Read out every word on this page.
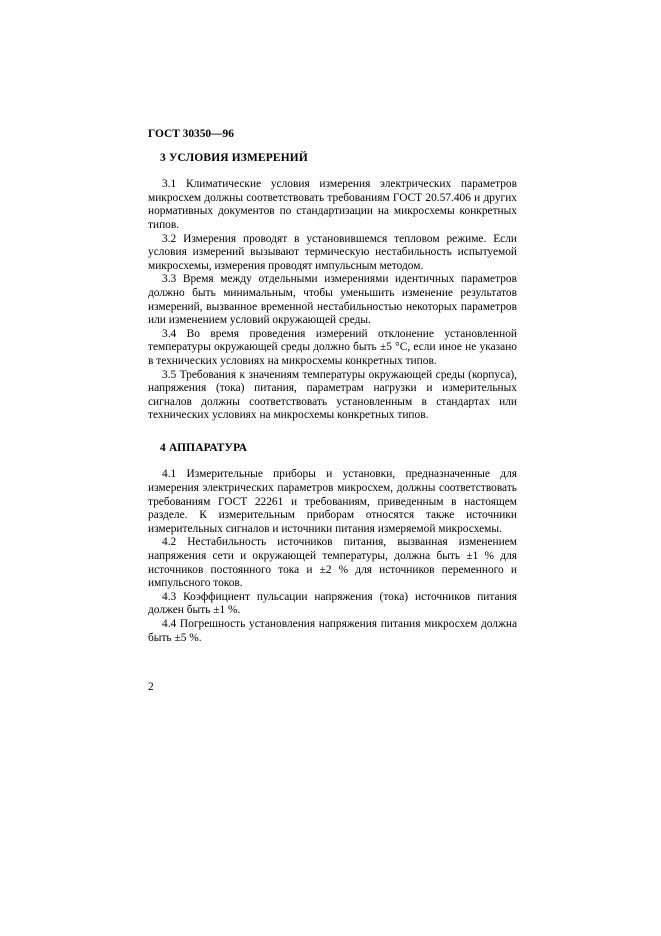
ГОСТ 30350—96
3 УСЛОВИЯ ИЗМЕРЕНИЙ

3.1 Климатические условия измерения электрических параметров микросхем должны соответствовать требованиям ГОСТ 20.57.406 и других нормативных документов по стандартизации на микросхемы конкретных типов.

3.2 Измерения проводят в установившемся тепловом режиме. Если условия измерений вызывают термическую нестабильность испытуемой микросхемы, измерения проводят импульсным методом.

3.3 Время между отдельными измерениями идентичных параметров должно быть минимальным, чтобы уменьшить изменение результатов измерений, вызванное временной нестабильностью некоторых параметров или изменением условий окружающей среды.

3.4 Во время проведения измерений отклонение установленной температуры окружающей среды должно быть ±5 °С, если иное не указано в технических условиях на микросхемы конкретных типов.

3.5 Требования к значениям температуры окружающей среды (корпуса), напряжения (тока) питания, параметрам нагрузки и измерительных сигналов должны соответствовать установленным в стандартах или технических условиях на микросхемы конкретных типов.

4 АППАРАТУРА

4.1 Измерительные приборы и установки, предназначенные для измерения электрических параметров микросхем, должны соответствовать требованиям ГОСТ 22261 и требованиям, приведенным в настоящем разделе. К измерительным приборам относятся также источники измерительных сигналов и источники питания измеряемой микросхемы.

4.2 Нестабильность источников питания, вызванная изменением напряжения сети и окружающей температуры, должна быть ±1 % для источников постоянного тока и ±2 % для источников переменного и импульсного токов.

4.3 Коэффициент пульсации напряжения (тока) источников питания должен быть ±1 %.

4.4 Погрешность установления напряжения питания микросхем должна быть ±5 %.

2
